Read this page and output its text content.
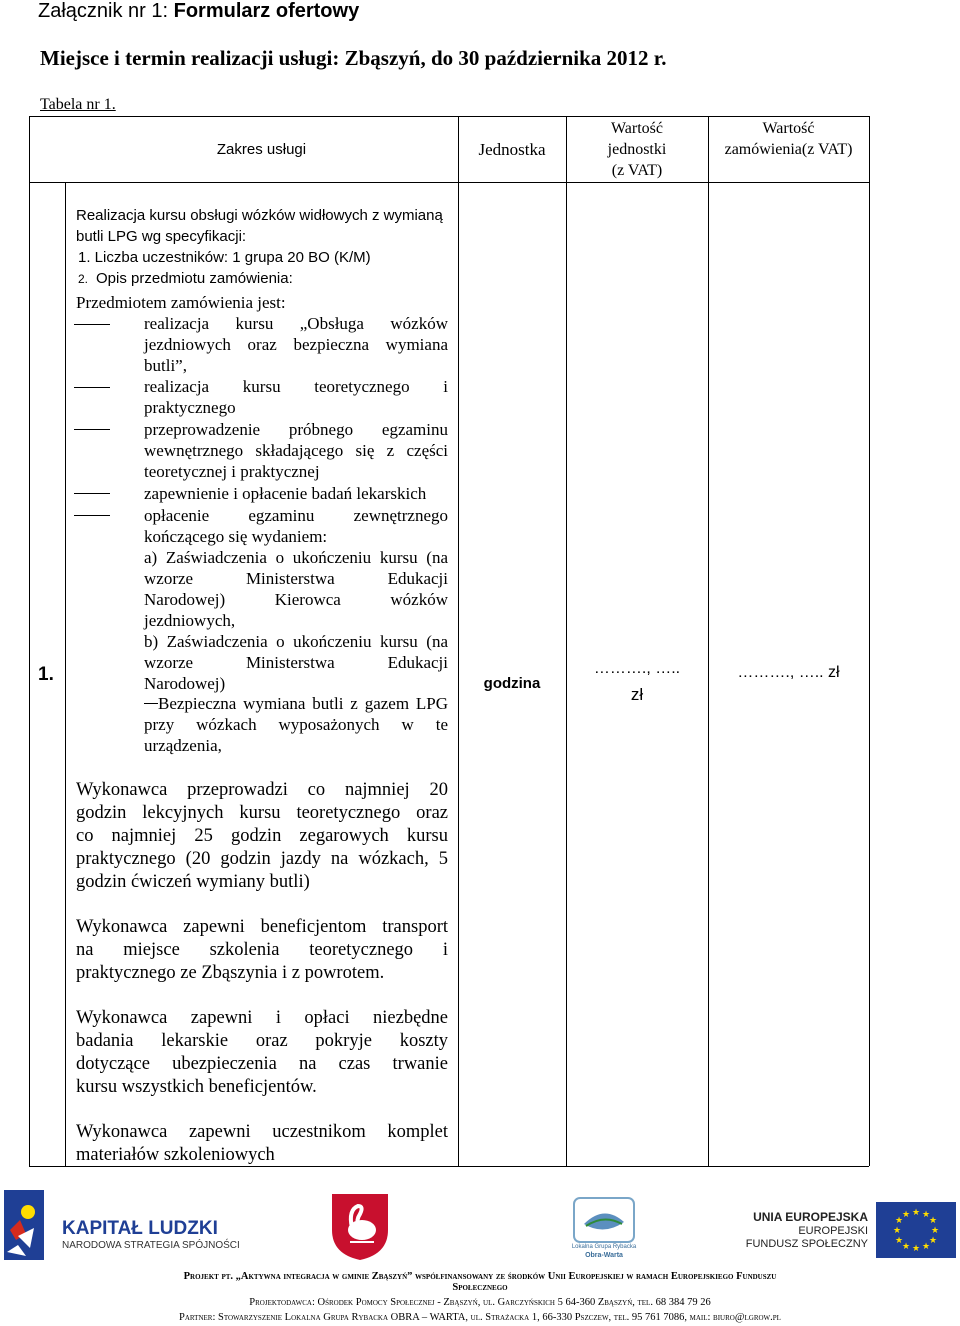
Załącznik nr 1: Formularz ofertowy
Miejsce i termin realizacji usługi: Zbąszyń, do 30 października 2012 r.
Tabela nr 1.
Zakres usługi	Jednostka
Wartość
jednostki
(z VAT)
Wartość
zamówienia(z VAT)
1.
Realizacja kursu obsługi wózków widłowych z wymianą
butli LPG wg specyfikacji:
1. Liczba uczestników: 1 grupa 20 BO (K/M)
2. Opis przedmiotu zamówienia:
Przedmiotem zamówienia jest:
realizacja kursu „Obsługa wózków
jezdniowych oraz bezpieczna wymiana
butli”,
realizacja kursu teoretycznego i
praktycznego
przeprowadzenie próbnego egzaminu
wewnętrznego składającego się z części
teoretycznej i praktycznej
zapewnienie i opłacenie badań lekarskich
opłacenie egzaminu zewnętrznego
kończącego się wydaniem:
a) Zaświadczenia o ukończeniu kursu (na
wzorze Ministerstwa Edukacji
Narodowej) Kierowca wózków
jezdniowych,
b) Zaświadczenia o ukończeniu kursu (na
wzorze Ministerstwa Edukacji
Narodowej)
Bezpieczna wymiana butli z gazem LPG
przy wózkach wyposażonych w te
urządzenia,
Wykonawca przeprowadzi co najmniej 20
godzin lekcyjnych kursu teoretycznego oraz
co najmniej 25 godzin zegarowych kursu
praktycznego (20 godzin jazdy na wózkach, 5
godzin ćwiczeń wymiany butli)
Wykonawca zapewni beneficjentom transport
na miejsce szkolenia teoretycznego i
praktycznego ze Zbąszynia i z powrotem.
Wykonawca zapewni i opłaci niezbędne
badania lekarskie oraz pokryje koszty
dotyczące ubezpieczenia na czas trwanie
kursu wszystkich beneficjentów.
Wykonawca zapewni uczestnikom komplet
materiałów szkoleniowych
godzina
………., …..
zł
………., ….. zł
KAPITAŁ LUDZKI
NARODOWA STRATEGIA SPÓJNOŚCI	Lokalna Grupa Rybacka
Obra-Warta
UNIA EUROPEJSKA
EUROPEJSKI
FUNDUSZ SPOŁECZNY
★ ★
★
★
★
★
★
★
★
★
★
★
Projekt pt. „Aktywna integracja w gminie Zbąszyń” współfinansowany ze środków Unii Europejskiej w ramach Europejskiego Funduszu
Społecznego
Projektodawca: Ośrodek Pomocy Społecznej - Zbąszyń, ul. Garczyńskich 5 64-360 Zbąszyń, tel. 68 384 79 26
Partner: Stowarzyszenie Lokalna Grupa Rybacka OBRA – WARTA, ul. Strażacka 1, 66-330 Pszczew, tel. 95 761 7086, mail: biuro@lgrow.pl
